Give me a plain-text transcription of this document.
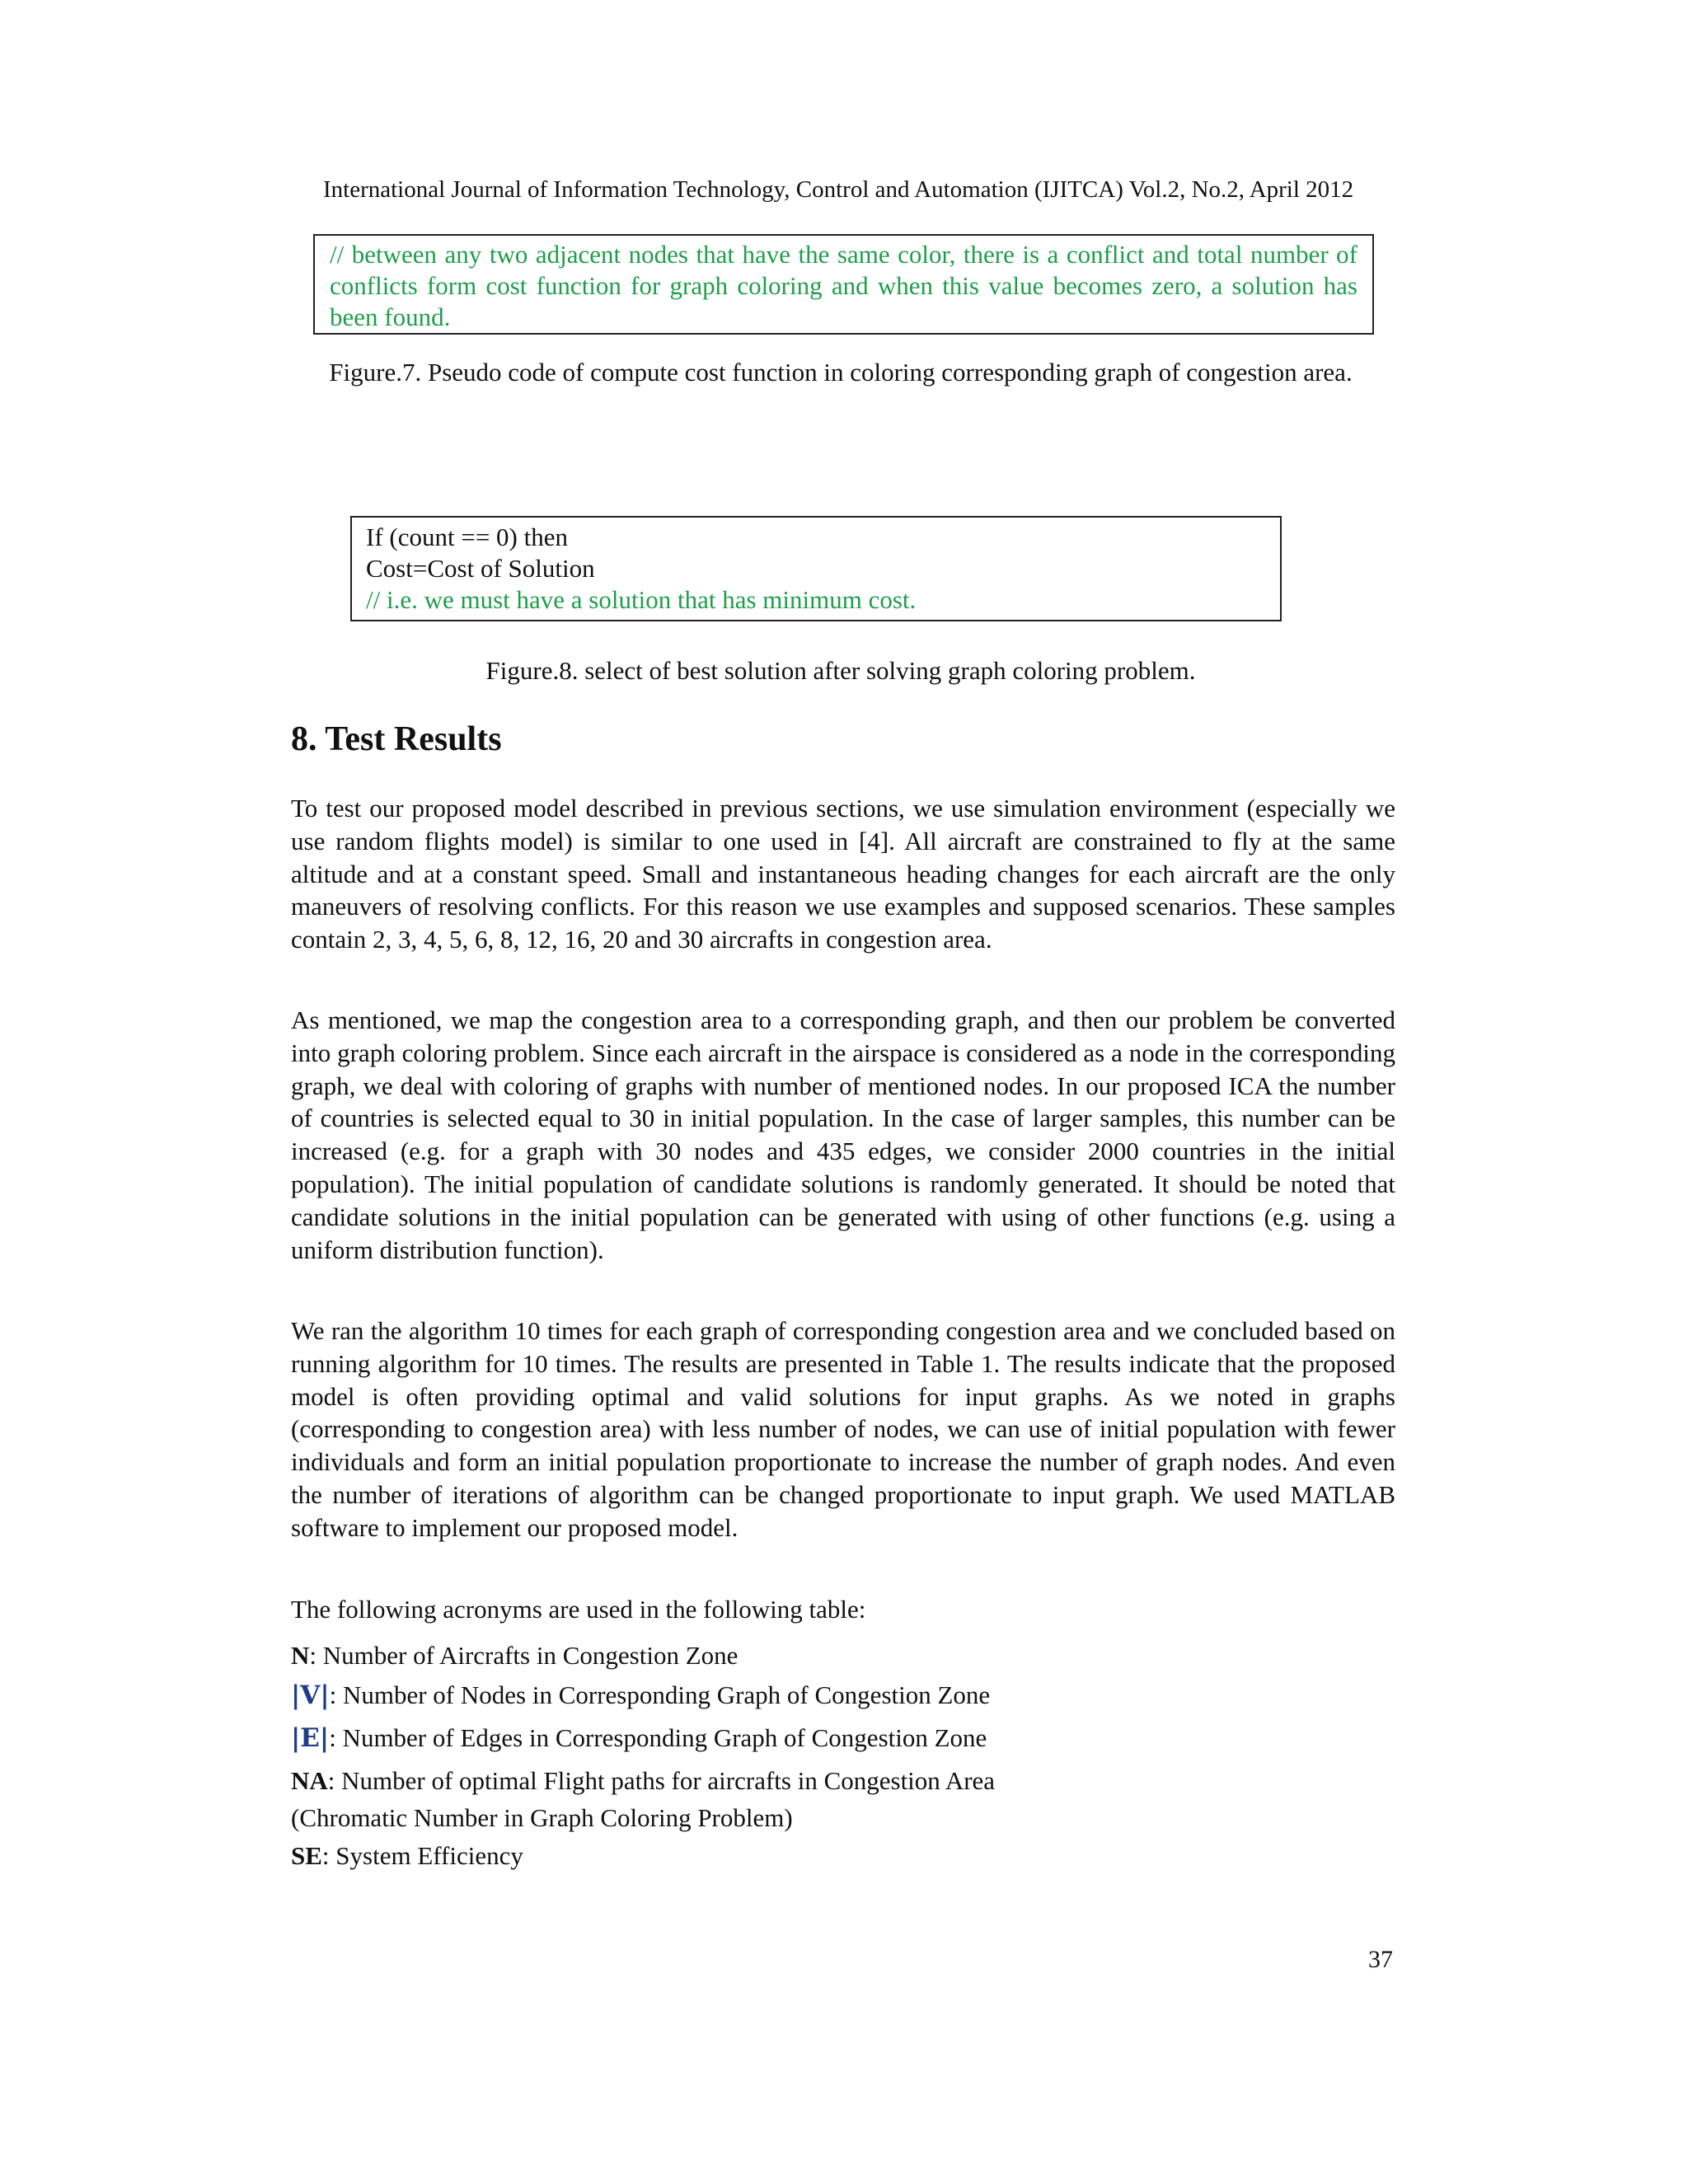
International Journal of Information Technology, Control and Automation (IJITCA) Vol.2, No.2, April 2012
// between any two adjacent nodes that have the same color, there is a conflict and total number of conflicts form cost function for graph coloring and when this value becomes zero, a solution has been found.
Figure.7. Pseudo code of compute cost function in coloring corresponding graph of congestion area.
If (count == 0) then
Cost=Cost of Solution
// i.e. we must have a solution that has minimum cost.
Figure.8. select of best solution after solving graph coloring problem.
8. Test Results

To test our proposed model described in previous sections, we use simulation environment (especially we use random flights model) is similar to one used in [4]. All aircraft are constrained to fly at the same altitude and at a constant speed. Small and instantaneous heading changes for each aircraft are the only maneuvers of resolving conflicts. For this reason we use examples and supposed scenarios. These samples contain 2, 3, 4, 5, 6, 8, 12, 16, 20 and 30 aircrafts in congestion area.

As mentioned, we map the congestion area to a corresponding graph, and then our problem be converted into graph coloring problem. Since each aircraft in the airspace is considered as a node in the corresponding graph, we deal with coloring of graphs with number of mentioned nodes. In our proposed ICA the number of countries is selected equal to 30 in initial population. In the case of larger samples, this number can be increased (e.g. for a graph with 30 nodes and 435 edges, we consider 2000 countries in the initial population). The initial population of candidate solutions is randomly generated. It should be noted that candidate solutions in the initial population can be generated with using of other functions (e.g. using a uniform distribution function).

We ran the algorithm 10 times for each graph of corresponding congestion area and we concluded based on running algorithm for 10 times. The results are presented in Table 1. The results indicate that the proposed model is often providing optimal and valid solutions for input graphs. As we noted in graphs (corresponding to congestion area) with less number of nodes, we can use of initial population with fewer individuals and form an initial population proportionate to increase the number of graph nodes. And even the number of iterations of algorithm can be changed proportionate to input graph. We used MATLAB software to implement our proposed model.

The following acronyms are used in the following table:

N: Number of Aircrafts in Congestion Zone
|V|: Number of Nodes in Corresponding Graph of Congestion Zone
|E|: Number of Edges in Corresponding Graph of Congestion Zone
NA: Number of optimal Flight paths for aircrafts in Congestion Area
(Chromatic Number in Graph Coloring Problem)
SE: System Efficiency
37
